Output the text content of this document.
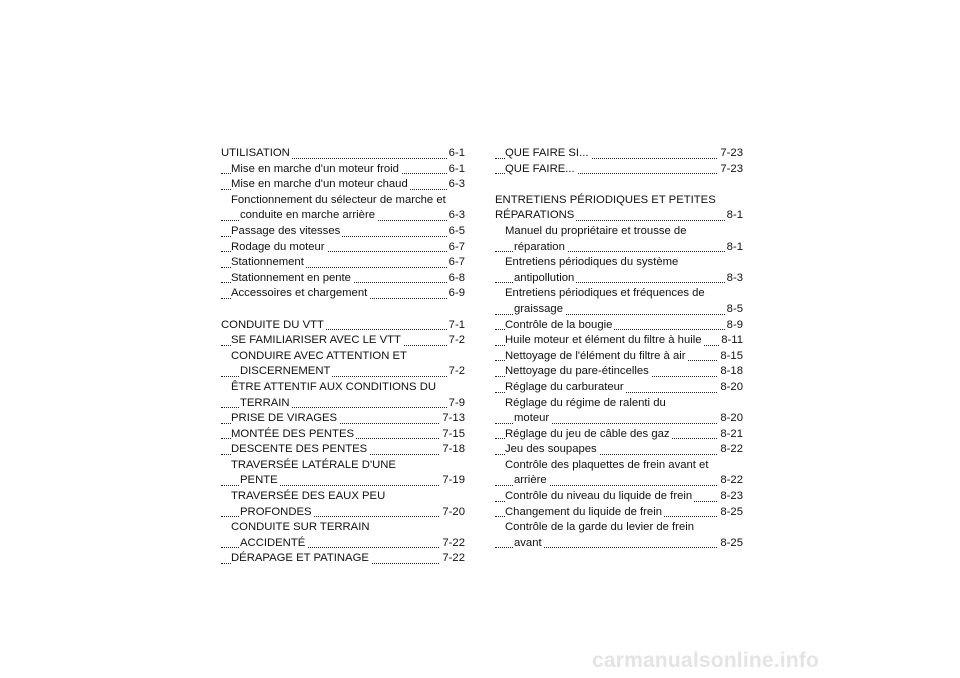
UTILISATION	6-1
Mise en marche d'un moteur froid	6-1
Mise en marche d'un moteur chaud	6-3
Fonctionnement du sélecteur de marche et
conduite en marche arrière	6-3
Passage des vitesses	6-5
Rodage du moteur	6-7
Stationnement	6-7
Stationnement en pente	6-8
Accessoires et chargement	6-9
CONDUITE DU VTT	7-1
SE FAMILIARISER AVEC LE VTT	7-2
CONDUIRE AVEC ATTENTION ET
DISCERNEMENT	7-2
ÊTRE ATTENTIF AUX CONDITIONS DU
TERRAIN	7-9
PRISE DE VIRAGES	7-13
MONTÉE DES PENTES	7-15
DESCENTE DES PENTES	7-18
TRAVERSÉE LATÉRALE D'UNE
PENTE	7-19
TRAVERSÉE DES EAUX PEU
PROFONDES	7-20
CONDUITE SUR TERRAIN
ACCIDENTÉ	7-22
DÉRAPAGE ET PATINAGE	7-22
QUE FAIRE SI...	7-23
QUE FAIRE...	7-23
ENTRETIENS PÉRIODIQUES ET PETITES
RÉPARATIONS	8-1
Manuel du propriétaire et trousse de
réparation	8-1
Entretiens périodiques du système
antipollution	8-3
Entretiens périodiques et fréquences de
graissage	8-5
Contrôle de la bougie	8-9
Huile moteur et élément du filtre à huile 8-11
Nettoyage de l'élément du filtre à air	8-15
Nettoyage du pare-étincelles	8-18
Réglage du carburateur	8-20
Réglage du régime de ralenti du
moteur	8-20
Réglage du jeu de câble des gaz	8-21
Jeu des soupapes	8-22
Contrôle des plaquettes de frein avant et
arrière	8-22
Contrôle du niveau du liquide de frein 8-23
Changement du liquide de frein	8-25
Contrôle de la garde du levier de frein
avant	8-25
carmanualsonline.info
